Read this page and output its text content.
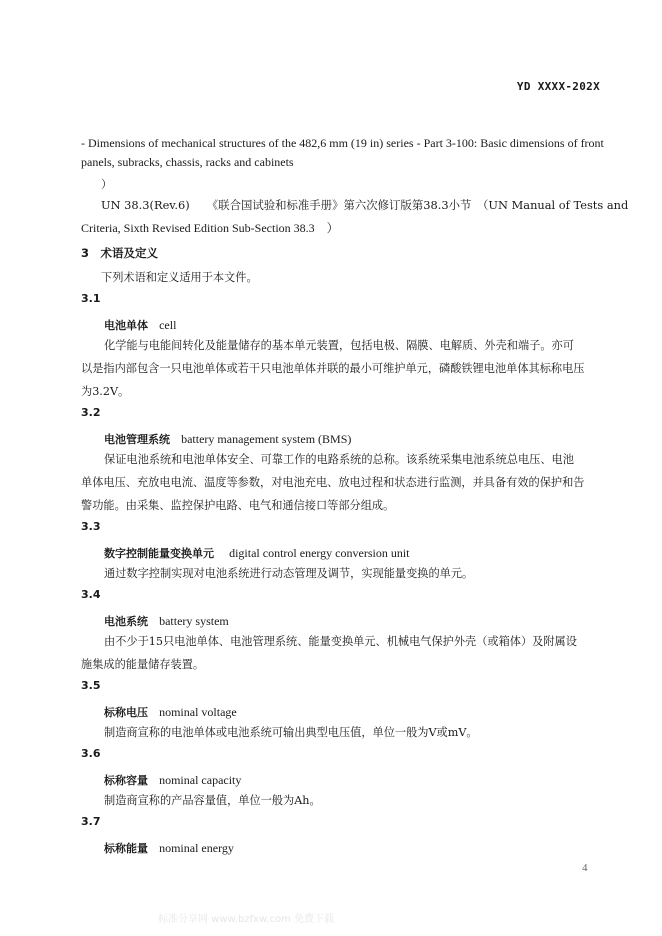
YD XXXX-202X
- Dimensions of mechanical structures of the 482,6 mm (19 in) series - Part 3-100: Basic dimensions of front
panels, subracks, chassis, racks and cabinets
）
UN 38.3(Rev.6)　　《联合国试验和标准手册》第六次修订版第38.3小节　（UN Manual of Tests and
Criteria, Sixth Revised Edition Sub-Section 38.3　）
3　术语及定义
下列术语和定义适用于本文件。
3.1
电池单体 cell
化学能与电能间转化及能量储存的基本单元装置，包括电极、隔膜、电解质、外壳和端子。亦可
以是指内部包含一只电池单体或若干只电池单体并联的最小可维护单元，磷酸铁锂电池单体其标称电压
为3.2V。
3.2
电池管理系统 battery management system (BMS)
保证电池系统和电池单体安全、可靠工作的电路系统的总称。该系统采集电池系统总电压、电池
单体电压、充放电电流、温度等参数，对电池充电、放电过程和状态进行监测，并具备有效的保护和告
警功能。由采集、监控保护电路、电气和通信接口等部分组成。
3.3
数字控制能量变换单元 digital control energy conversion unit
通过数字控制实现对电池系统进行动态管理及调节，实现能量变换的单元。
3.4
电池系统 battery system
由不少于15只电池单体、电池管理系统、能量变换单元、机械电气保护外壳（或箱体）及附属设
施集成的能量储存装置。
3.5
标称电压 nominal voltage
制造商宣称的电池单体或电池系统可输出典型电压值，单位一般为V或mV。
3.6
标称容量 nominal capacity
制造商宣称的产品容量值，单位一般为Ah。
3.7
标称能量 nominal energy
4
标准分享网 www.bzfxw.com 免费下载
